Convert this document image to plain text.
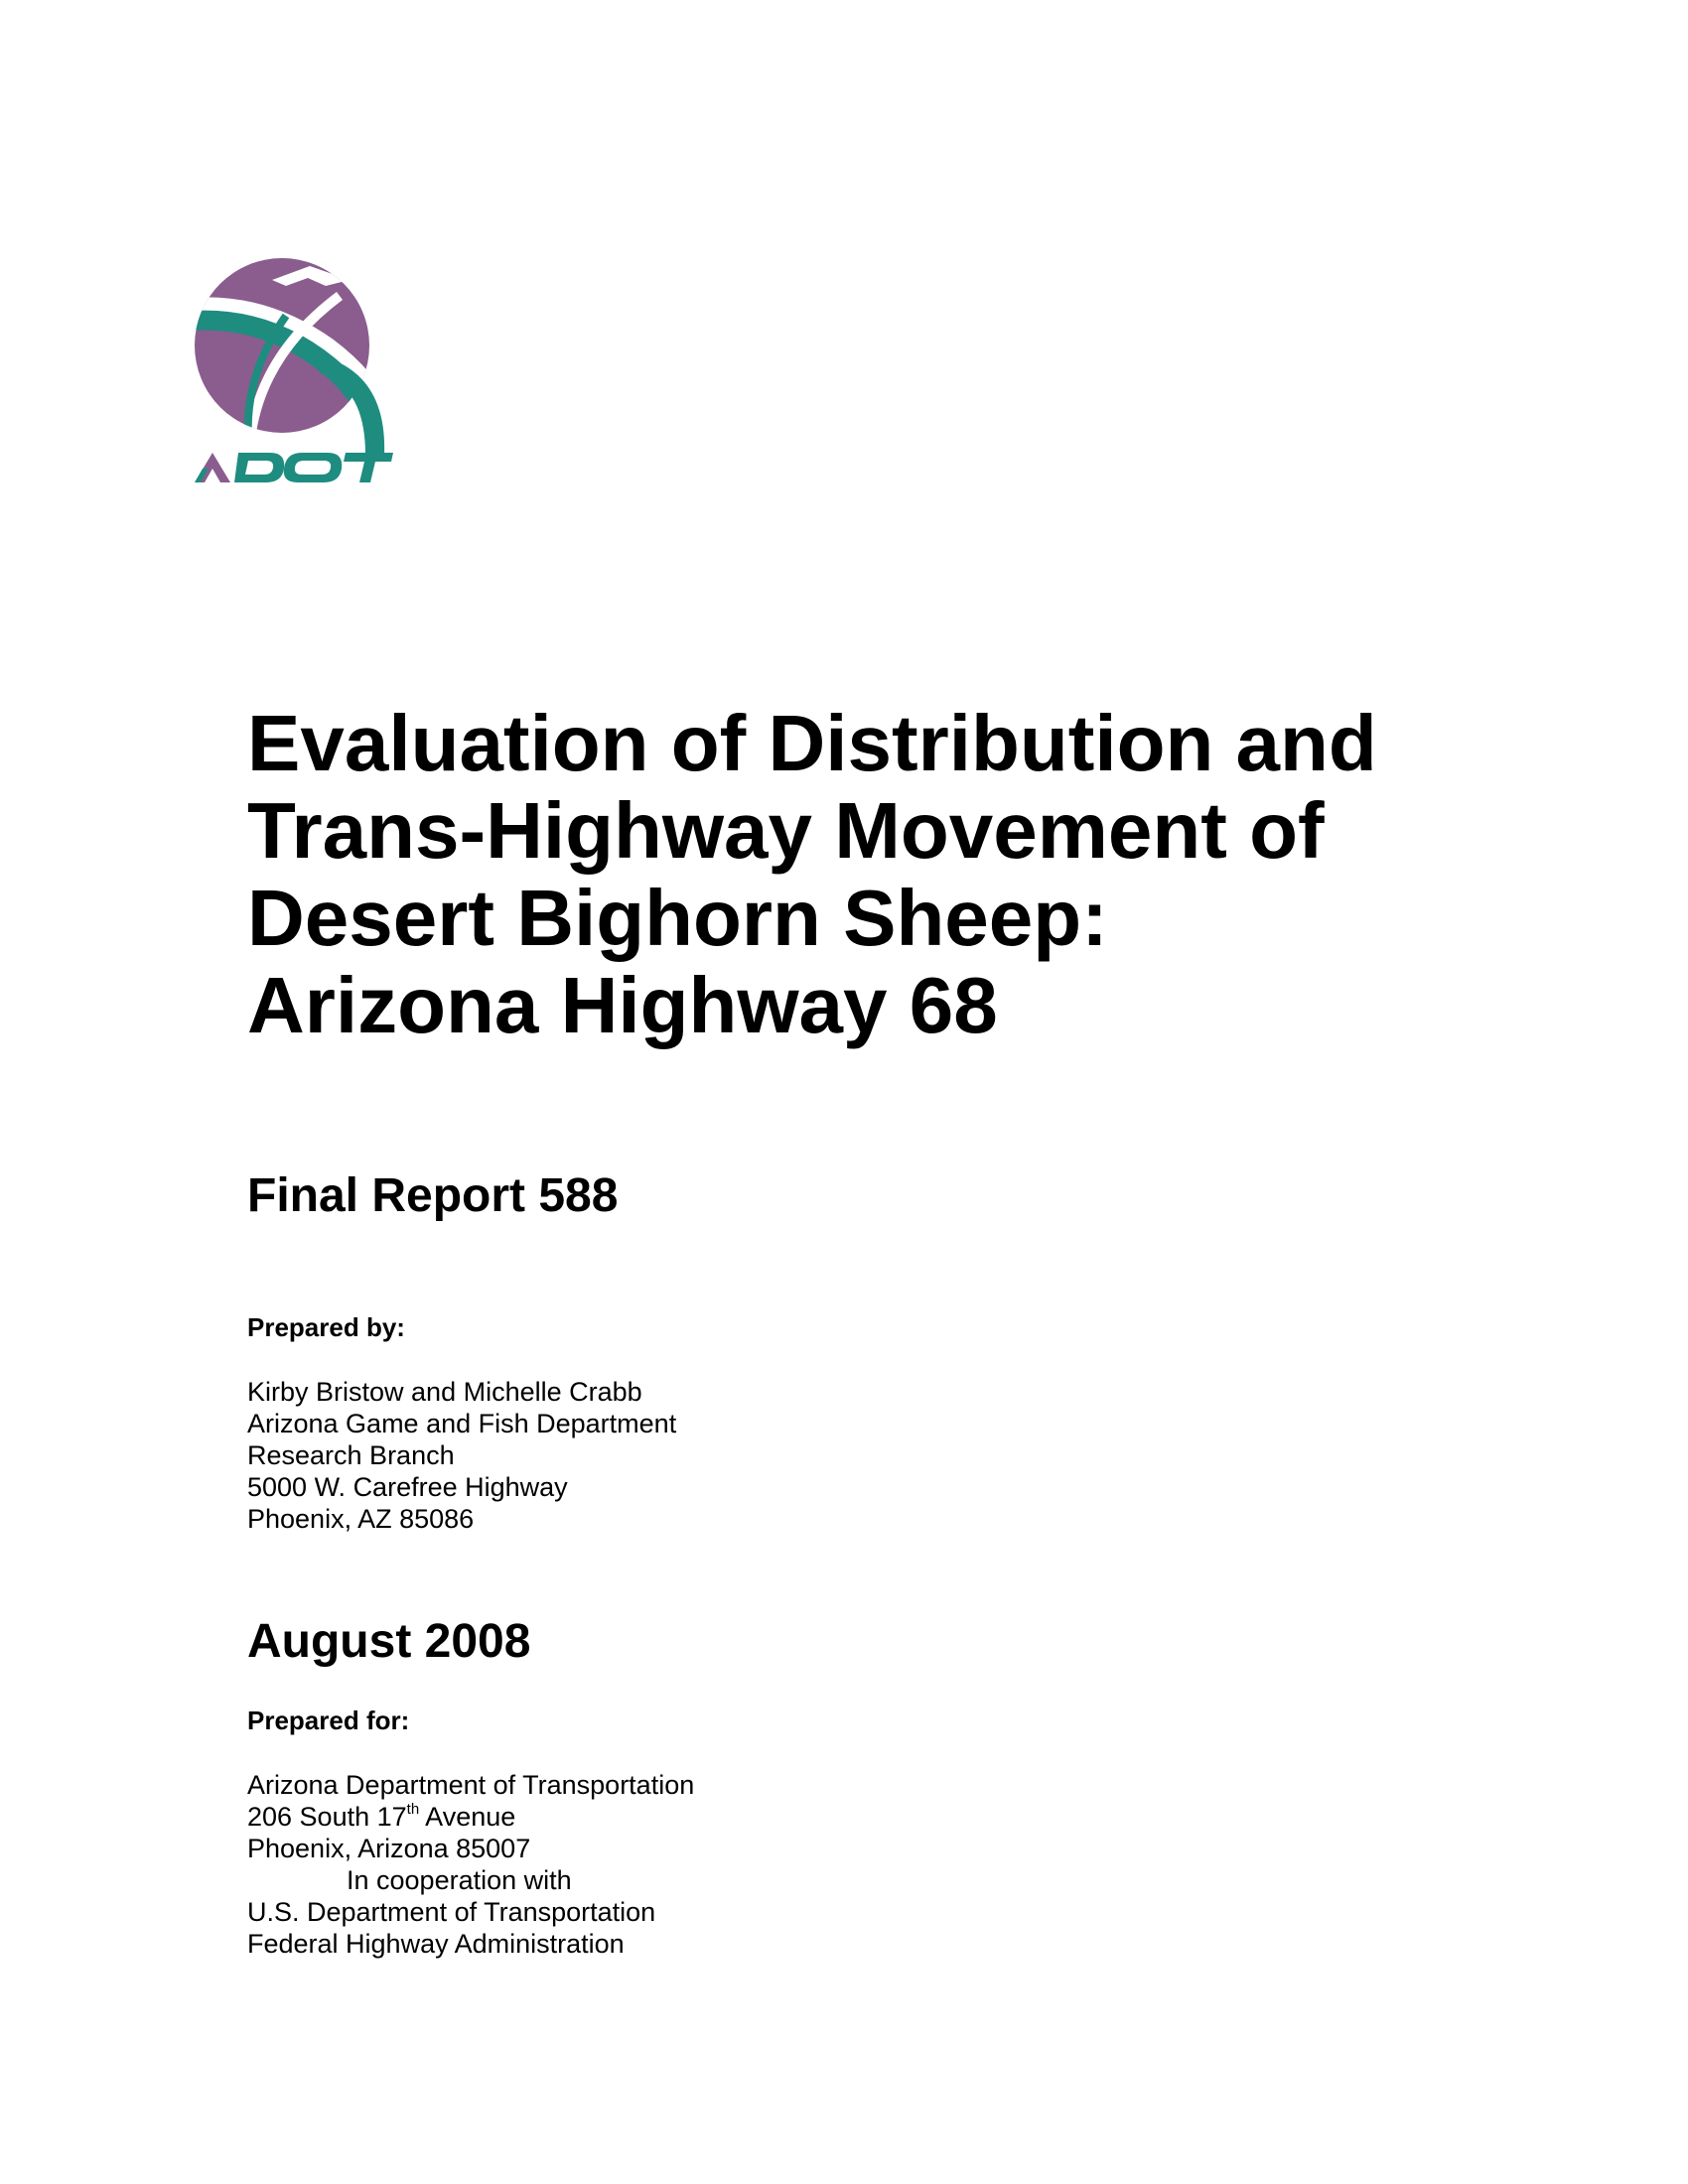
Evaluation of Distribution and
Trans-Highway Movement of
Desert Bighorn Sheep:
Arizona Highway 68
Final Report 588
Prepared by:
Kirby Bristow and Michelle Crabb
Arizona Game and Fish Department
Research Branch
5000 W. Carefree Highway
Phoenix, AZ 85086
August 2008
Prepared for:
Arizona Department of Transportation
206 South 17th Avenue
Phoenix, Arizona 85007
In cooperation with
U.S. Department of Transportation
Federal Highway Administration
